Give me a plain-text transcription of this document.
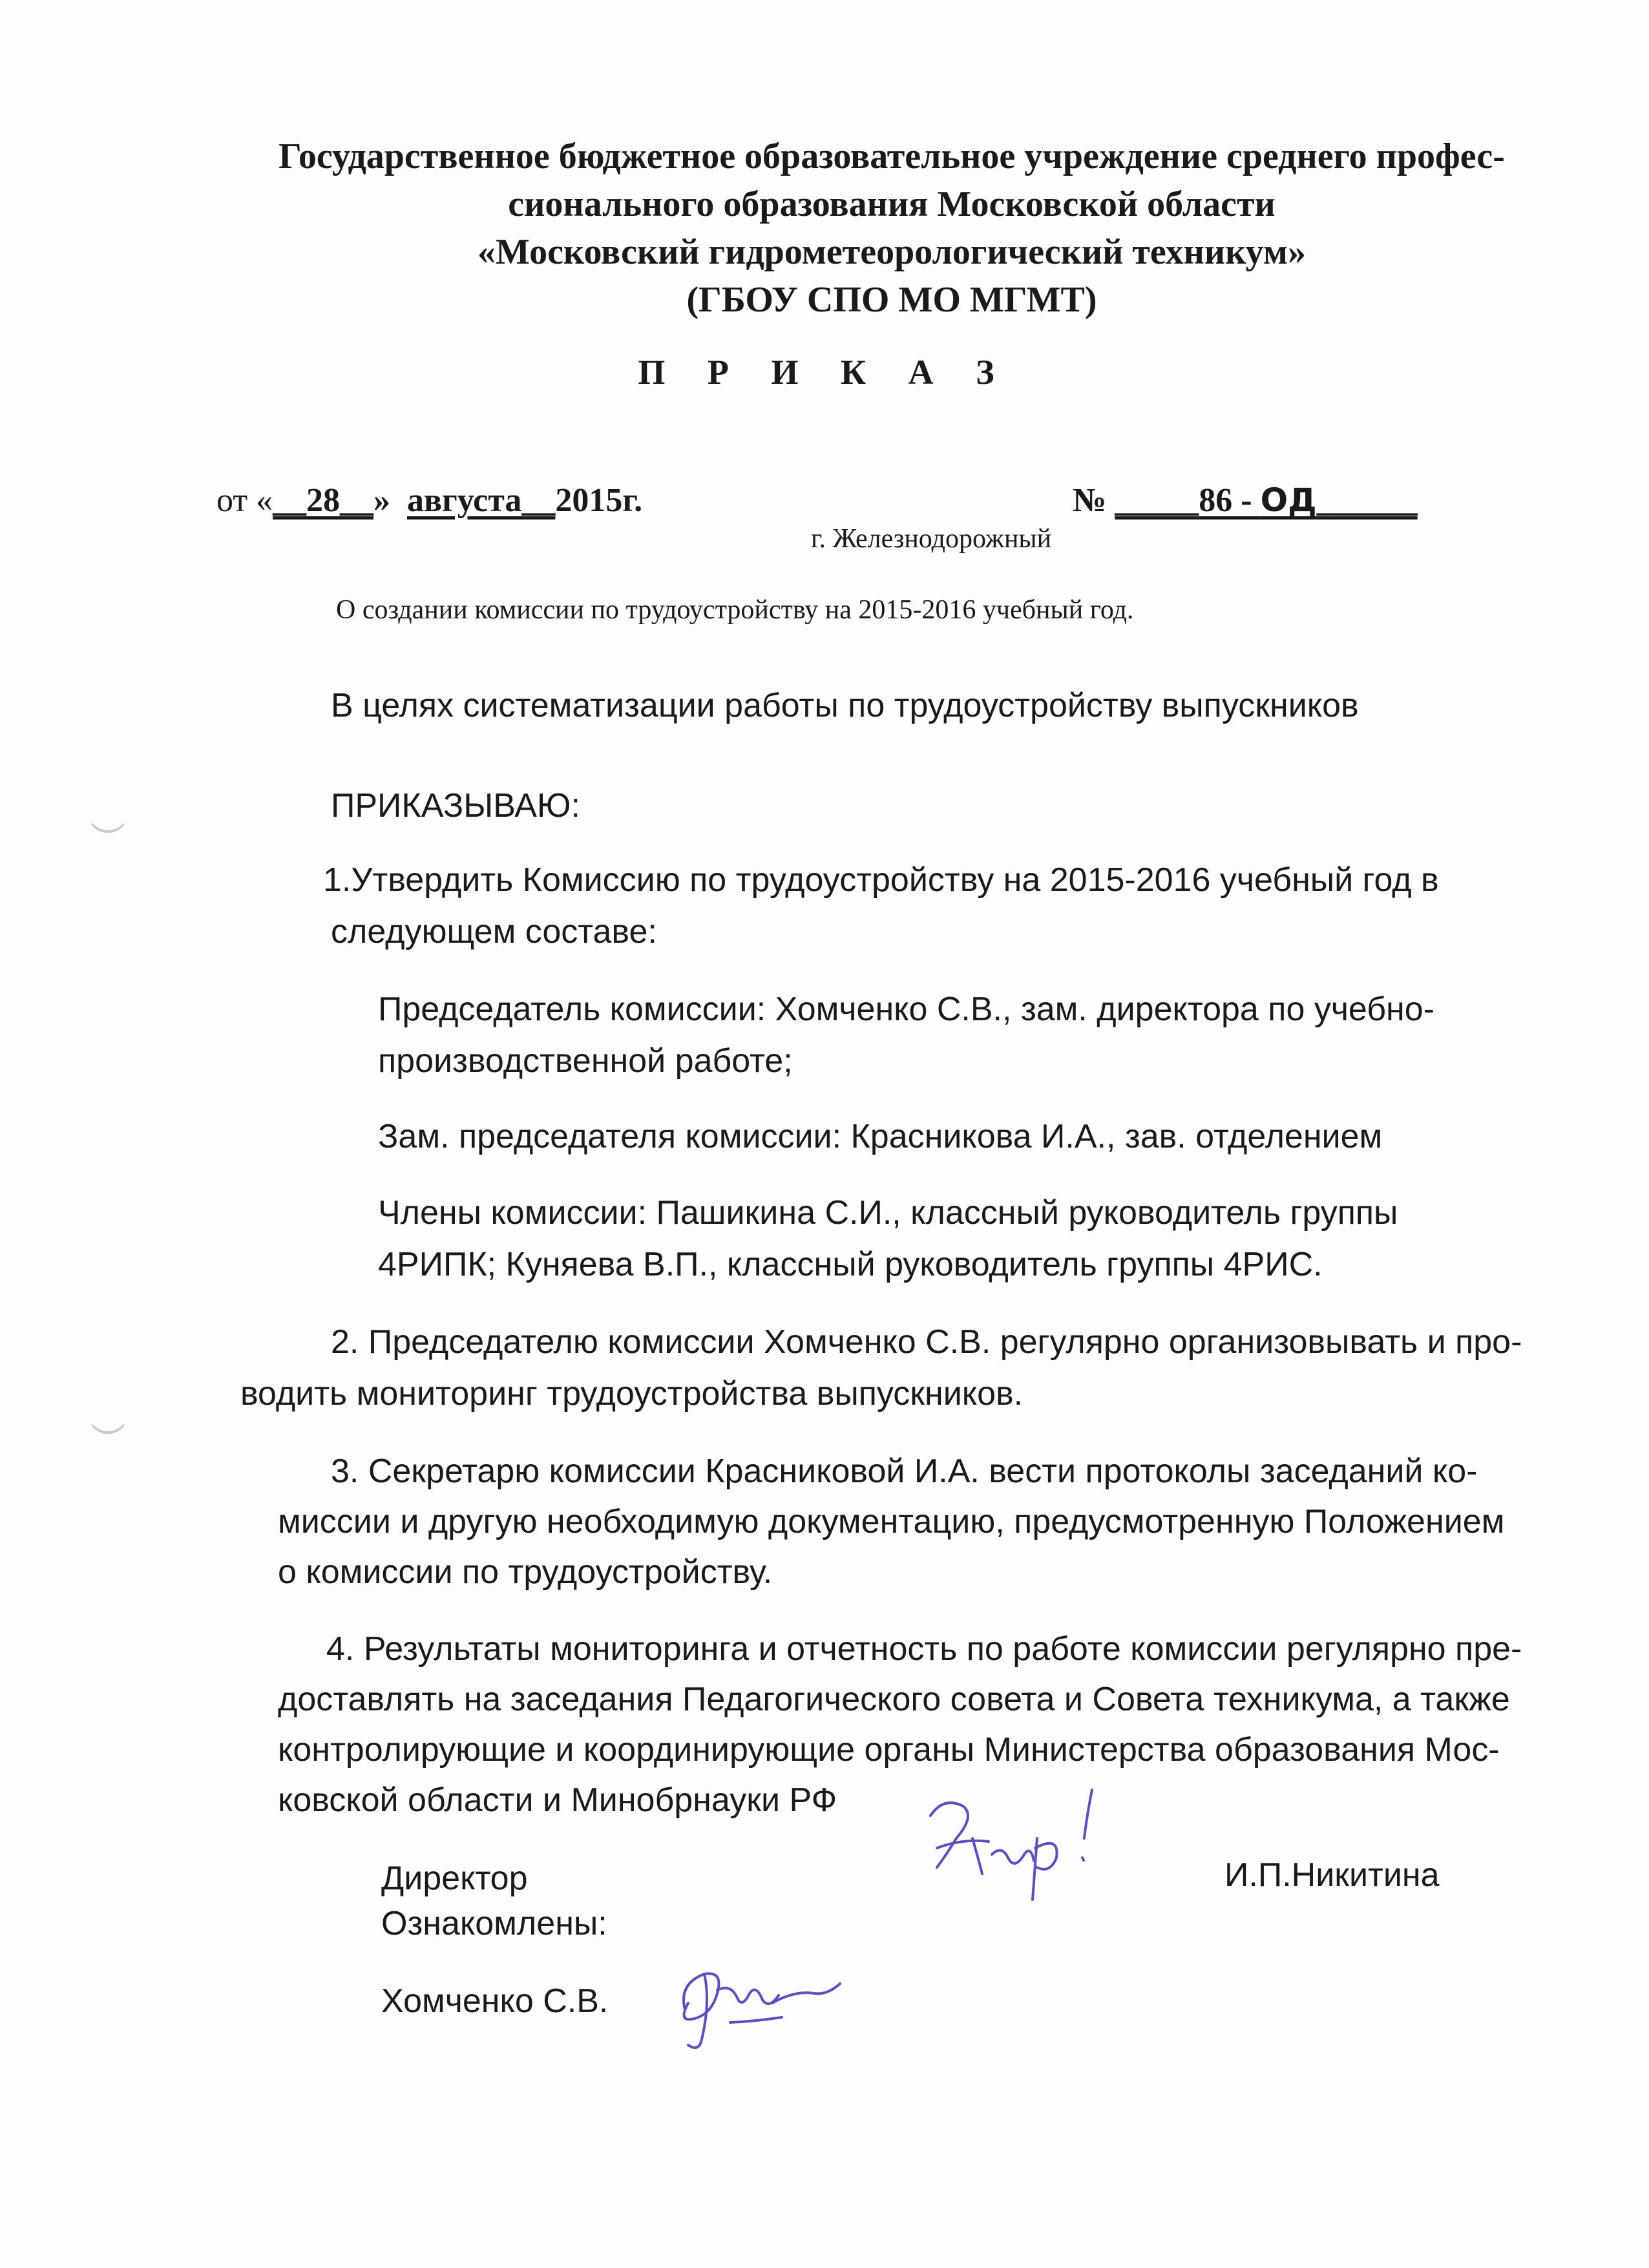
Государственное бюджетное образовательное учреждение среднего профес-
сионального образования Московской области
«Московский гидрометеорологический техникум»
(ГБОУ СПО МО МГМТ)
П Р И К А З
от «__28__» августа__2015г.	№ _____86 - ОД______
г. Железнодорожный
О создании комиссии по трудоустройству на 2015-2016 учебный год.
В целях систематизации работы по трудоустройству выпускников
ПРИКАЗЫВАЮ:
1.Утвердить Комиссию по трудоустройству на 2015-2016 учебный год в
следующем составе:
Председатель комиссии: Хомченко С.В., зам. директора по учебно-
производственной работе;
Зам. председателя комиссии: Красникова И.А., зав. отделением
Члены комиссии: Пашикина С.И., классный руководитель группы
4РИПК; Куняева В.П., классный руководитель группы 4РИС.
2. Председателю комиссии Хомченко С.В. регулярно организовывать и про-
водить мониторинг трудоустройства выпускников.
3. Секретарю комиссии Красниковой И.А. вести протоколы заседаний ко-
миссии и другую необходимую документацию, предусмотренную Положением
о комиссии по трудоустройству.
4. Результаты мониторинга и отчетность по работе комиссии регулярно пре-
доставлять на заседания Педагогического совета и Совета техникума, а также
контролирующие и координирующие органы Министерства образования Мос-
ковской области и Минобрнауки РФ
Директор	И.П.Никитина
Ознакомлены:
Хомченко С.В.
